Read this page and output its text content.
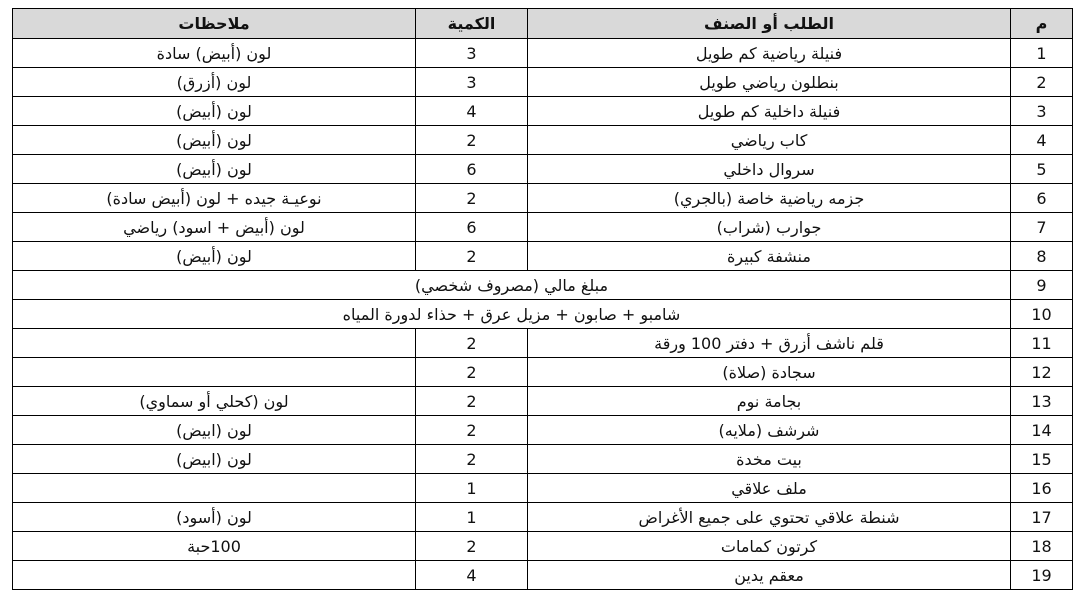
م	الطلب أو الصنف	الكمية	ملاحظات
1	فنيلة رياضية كم طويل	3	لون (أبيض) سادة
2	بنطلون رياضي طويل	3	لون (أزرق)
3	فنيلة داخلية كم طويل	4	لون (أبيض)
4	كاب رياضي	2	لون (أبيض)
5	سروال داخلي	6	لون (أبيض)
6	جزمه رياضية خاصة (بالجري)	2	نوعيـة جيده + لون (أبيض سادة)
7	جوارب (شراب)	6	لون (أبيض + اسود) رياضي
8	منشفة كبيرة	2	لون (أبيض)
9	مبلغ مالي (مصروف شخصي)		
10	شامبو + صابون + مزيل عرق + حذاء لدورة المياه		
11	قلم ناشف أزرق + دفتر 100 ورقة	2	
12	سجادة (صلاة)	2	
13	بجامة نوم	2	لون (كحلي أو سماوي)
14	شرشف (ملايه)	2	لون (ابيض)
15	بيت مخدة	2	لون (ابيض)
16	ملف علاقي	1	
17	شنطة علاقي تحتوي على جميع الأغراض	1	لون (أسود)
18	كرتون كمامات	2	100حبة
19	معقم يدين	4	
